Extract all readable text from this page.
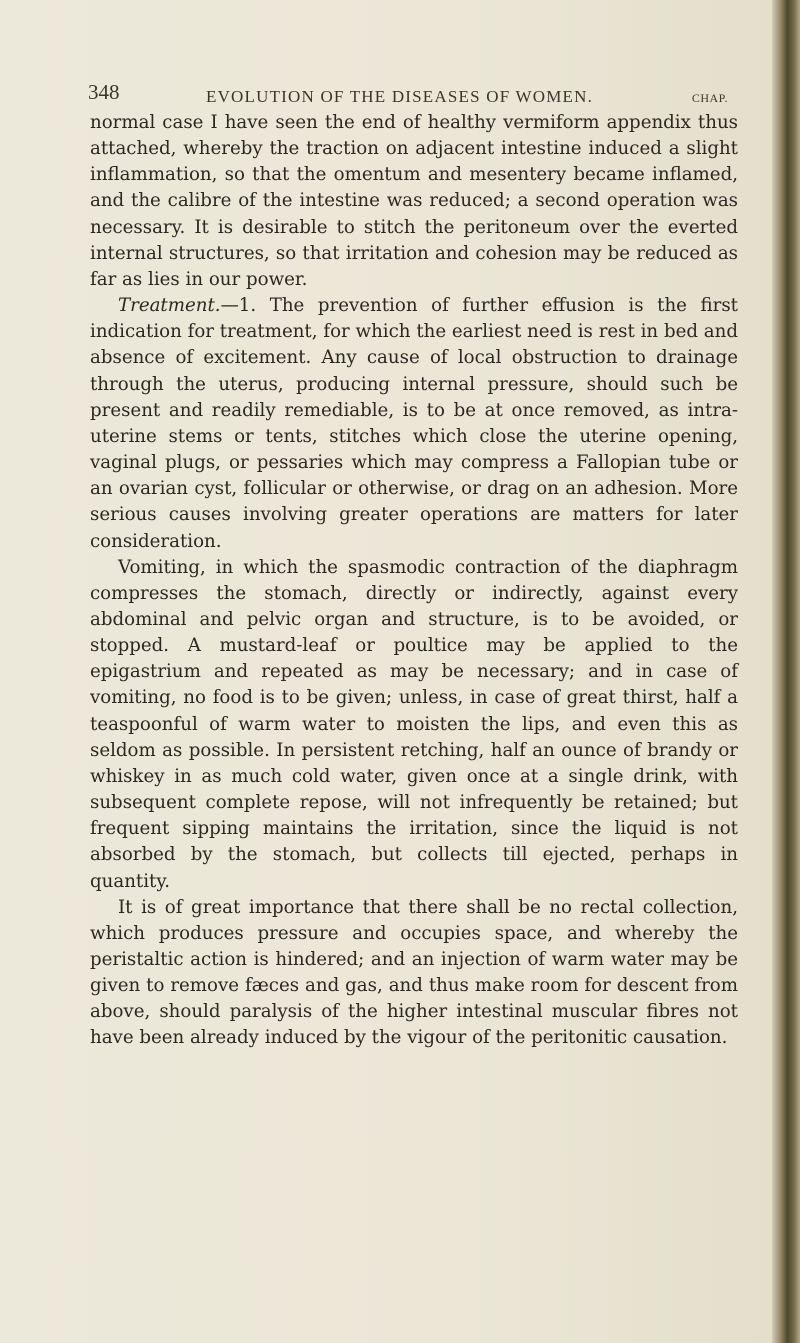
348	EVOLUTION OF THE DISEASES OF WOMEN.	CHAP.

normal case I have seen the end of healthy vermiform appendix thus attached, whereby the traction on adjacent intestine induced a slight inflammation, so that the omentum and mesentery became inflamed, and the calibre of the intestine was reduced; a second operation was necessary. It is desirable to stitch the peritoneum over the everted internal structures, so that irritation and cohesion may be reduced as far as lies in our power.

Treatment.—1. The prevention of further effusion is the first indication for treatment, for which the earliest need is rest in bed and absence of excitement. Any cause of local obstruction to drainage through the uterus, producing internal pressure, should such be present and readily remediable, is to be at once removed, as intra-uterine stems or tents, stitches which close the uterine opening, vaginal plugs, or pessaries which may compress a Fallopian tube or an ovarian cyst, follicular or otherwise, or drag on an adhesion. More serious causes involving greater operations are matters for later consideration.

Vomiting, in which the spasmodic contraction of the diaphragm compresses the stomach, directly or indirectly, against every abdominal and pelvic organ and structure, is to be avoided, or stopped. A mustard-leaf or poultice may be applied to the epigastrium and repeated as may be necessary; and in case of vomiting, no food is to be given; unless, in case of great thirst, half a teaspoonful of warm water to moisten the lips, and even this as seldom as possible. In persistent retching, half an ounce of brandy or whiskey in as much cold water, given once at a single drink, with subsequent complete repose, will not infrequently be retained; but frequent sipping maintains the irritation, since the liquid is not absorbed by the stomach, but collects till ejected, perhaps in quantity.

It is of great importance that there shall be no rectal collection, which produces pressure and occupies space, and whereby the peristaltic action is hindered; and an injection of warm water may be given to remove fæces and gas, and thus make room for descent from above, should paralysis of the higher intestinal muscular fibres not have been already induced by the vigour of the peritonitic causation.
